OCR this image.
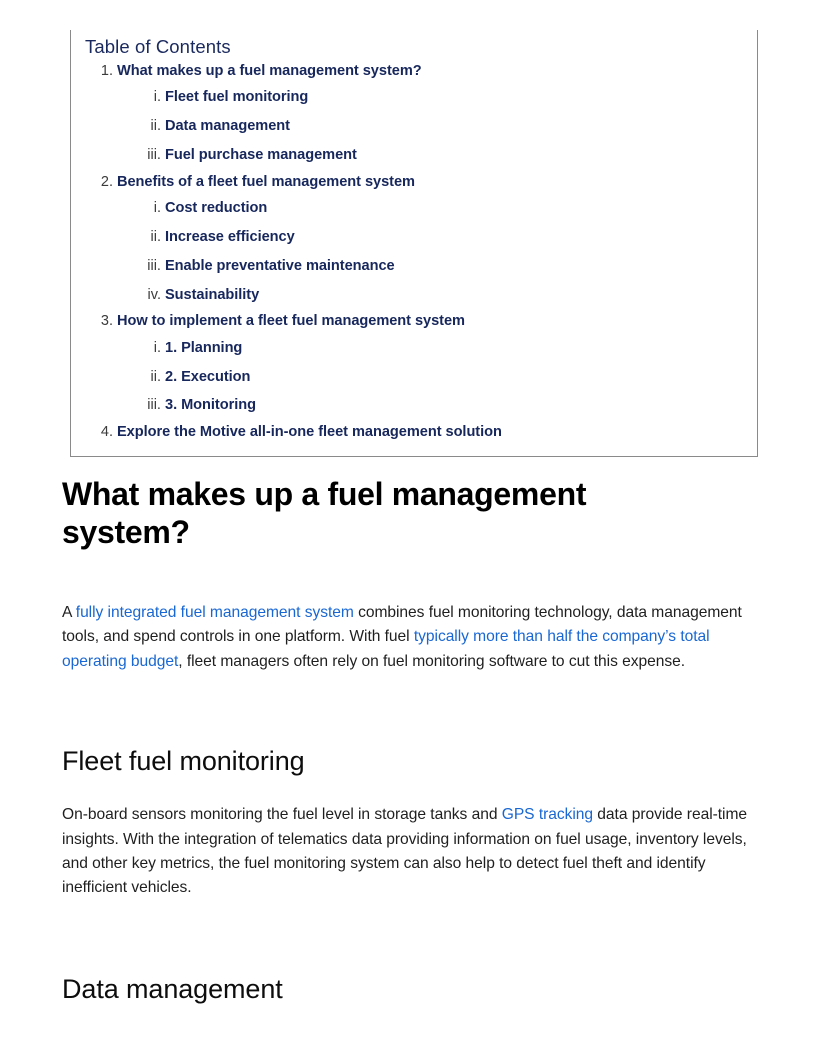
Table of Contents
1. What makes up a fuel management system?
i. Fleet fuel monitoring
ii. Data management
iii. Fuel purchase management
2. Benefits of a fleet fuel management system
i. Cost reduction
ii. Increase efficiency
iii. Enable preventative maintenance
iv. Sustainability
3. How to implement a fleet fuel management system
i. 1. Planning
ii. 2. Execution
iii. 3. Monitoring
4. Explore the Motive all-in-one fleet management solution
What makes up a fuel management system?

A fully integrated fuel management system combines fuel monitoring technology, data management tools, and spend controls in one platform. With fuel typically more than half the company’s total operating budget, fleet managers often rely on fuel monitoring software to cut this expense.

Fleet fuel monitoring

On-board sensors monitoring the fuel level in storage tanks and GPS tracking data provide real-time insights. With the integration of telematics data providing information on fuel usage, inventory levels, and other key metrics, the fuel monitoring system can also help to detect fuel theft and identify inefficient vehicles.

Data management
